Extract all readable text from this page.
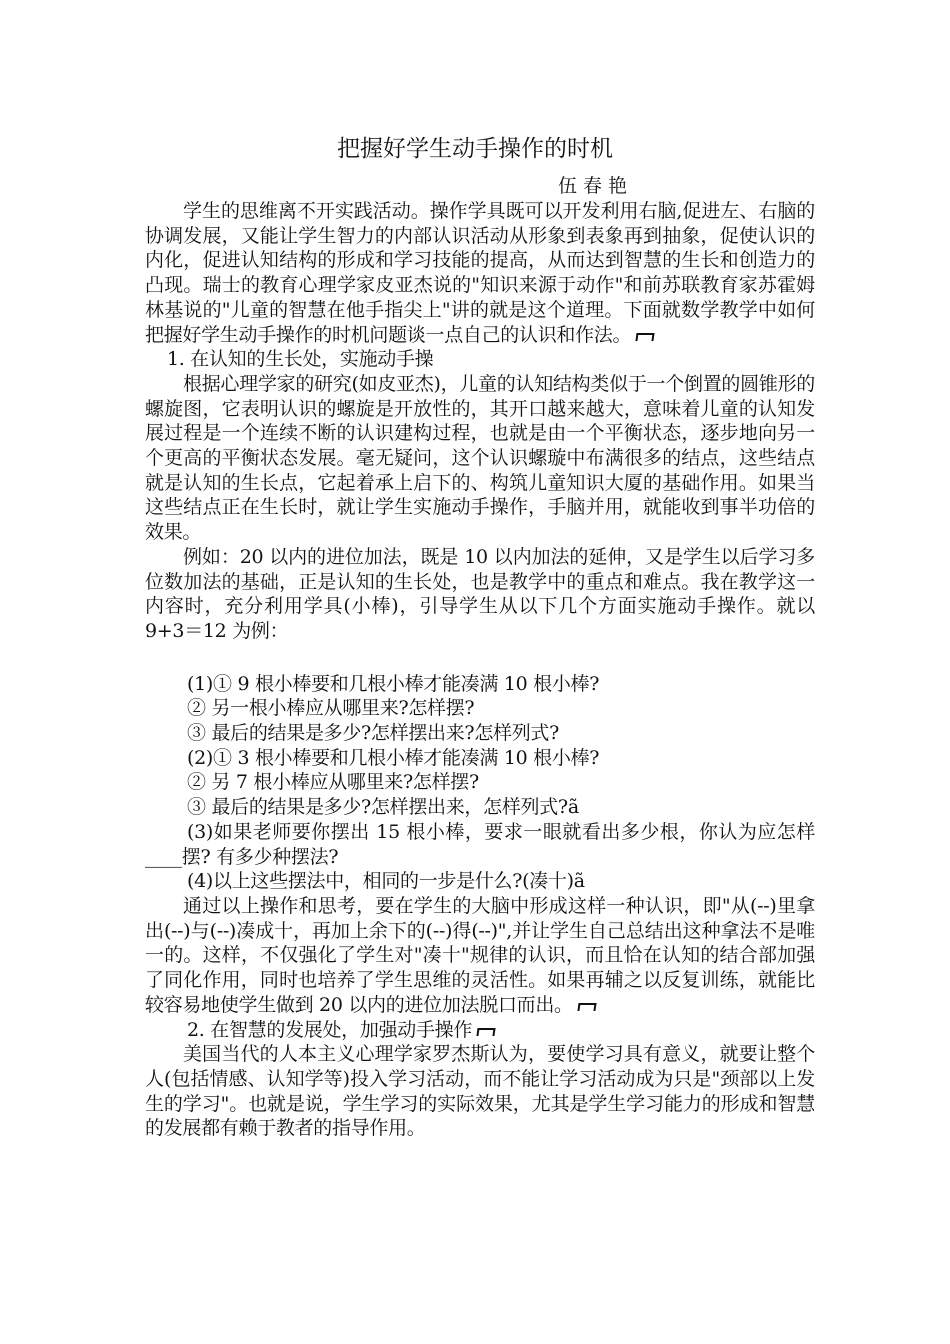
把握好学生动手操作的时机
伍春艳

学生的思维离不开实践活动。操作学具既可以开发利用右脑,促进左、右脑的协调发展，又能让学生智力的内部认识活动从形象到表象再到抽象，促使认识的内化，促进认知结构的形成和学习技能的提高，从而达到智慧的生长和创造力的凸现。瑞士的教育心理学家皮亚杰说的"知识来源于动作"和前苏联教育家苏霍姆林基说的"儿童的智慧在他手指尖上"讲的就是这个道理。下面就数学教学中如何把握好学生动手操作的时机问题谈一点自己的认识和作法。

1. 在认知的生长处，实施动手操

根据心理学家的研究(如皮亚杰)，儿童的认知结构类似于一个倒置的圆锥形的螺旋图，它表明认识的螺旋是开放性的，其开口越来越大，意味着儿童的认知发展过程是一个连续不断的认识建构过程，也就是由一个平衡状态，逐步地向另一个更高的平衡状态发展。毫无疑问，这个认识螺璇中布满很多的结点，这些结点就是认知的生长点，它起着承上启下的、构筑儿童知识大厦的基础作用。如果当这些结点正在生长时，就让学生实施动手操作，手脑并用，就能收到事半功倍的效果。

例如：20 以内的进位加法，既是 10 以内加法的延伸，又是学生以后学习多位数加法的基础，正是认知的生长处，也是教学中的重点和难点。我在教学这一内容时，充分利用学具(小棒)，引导学生从以下几个方面实施动手操作。就以 9+3＝12 为例：

(1)① 9 根小棒要和几根小棒才能凑满 10 根小棒?

② 另一根小棒应从哪里来?怎样摆?

③ 最后的结果是多少?怎样摆出来?怎样列式?

(2)① 3 根小棒要和几根小棒才能凑满 10 根小棒?

② 另 7 根小棒应从哪里来?怎样摆?

③ 最后的结果是多少?怎样摆出来，怎样列式?ã

(3)如果老师要你摆出 15 根小棒，要求一眼就看出多少根，你认为应怎样____摆? 有多少种摆法?

(4)以上这些摆法中，相同的一步是什么?(凑十)ã

通过以上操作和思考，要在学生的大脑中形成这样一种认识，即"从(--)里拿出(--)与(--)凑成十，再加上余下的(--)得(--)",并让学生自己总结出这种拿法不是唯一的。这样，不仅强化了学生对"凑十"规律的认识，而且恰在认知的结合部加强了同化作用，同时也培养了学生思维的灵活性。如果再辅之以反复训练，就能比较容易地使学生做到 20 以内的进位加法脱口而出。

2. 在智慧的发展处，加强动手操作

美国当代的人本主义心理学家罗杰斯认为，要使学习具有意义，就要让整个人(包括情感、认知学等)投入学习活动，而不能让学习活动成为只是"颈部以上发生的学习"。也就是说，学生学习的实际效果，尤其是学生学习能力的形成和智慧的发展都有赖于教者的指导作用。
